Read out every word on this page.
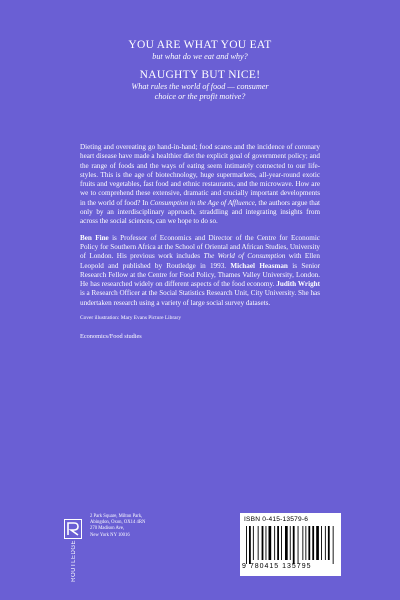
YOU ARE WHAT YOU EAT

but what do we eat and why?

NAUGHTY BUT NICE!

What rules the world of food — consumer

choice or the profit motive?

Dieting and overeating go hand-in-hand; food scares and the incidence of coronary heart disease have made a healthier diet the explicit goal of government policy; and the range of foods and the ways of eating seem intimately connected to our life-styles. This is the age of biotechnology, huge supermarkets, all-year-round exotic fruits and vegetables, fast food and ethnic restaurants, and the microwave. How are we to comprehend these extensive, dramatic and crucially important developments in the world of food? In Consumption in the Age of Affluence, the authors argue that only by an interdisciplinary approach, straddling and integrating insights from across the social sciences, can we hope to do so.

Ben Fine is Professor of Economics and Director of the Centre for Economic Policy for Southern Africa at the School of Oriental and African Studies, University of London. His previous work includes The World of Consumption with Ellen Leopold and published by Routledge in 1993. Michael Heasman is Senior Research Fellow at the Centre for Food Policy, Thames Valley University, London. He has researched widely on different aspects of the food economy. Judith Wright is a Research Officer at the Social Statistics Research Unit, City University. She has undertaken research using a variety of large social survey datasets.

Cover illustration: Mary Evans Picture Library

Economics/Food studies

ROUTLEDGE
2 Park Square, Milton Park,
Abingdon, Oxon, OX14 4RN
270 Madison Ave,
New York NY 10016
ISBN 0-415-13579-6
9 780415 135795
